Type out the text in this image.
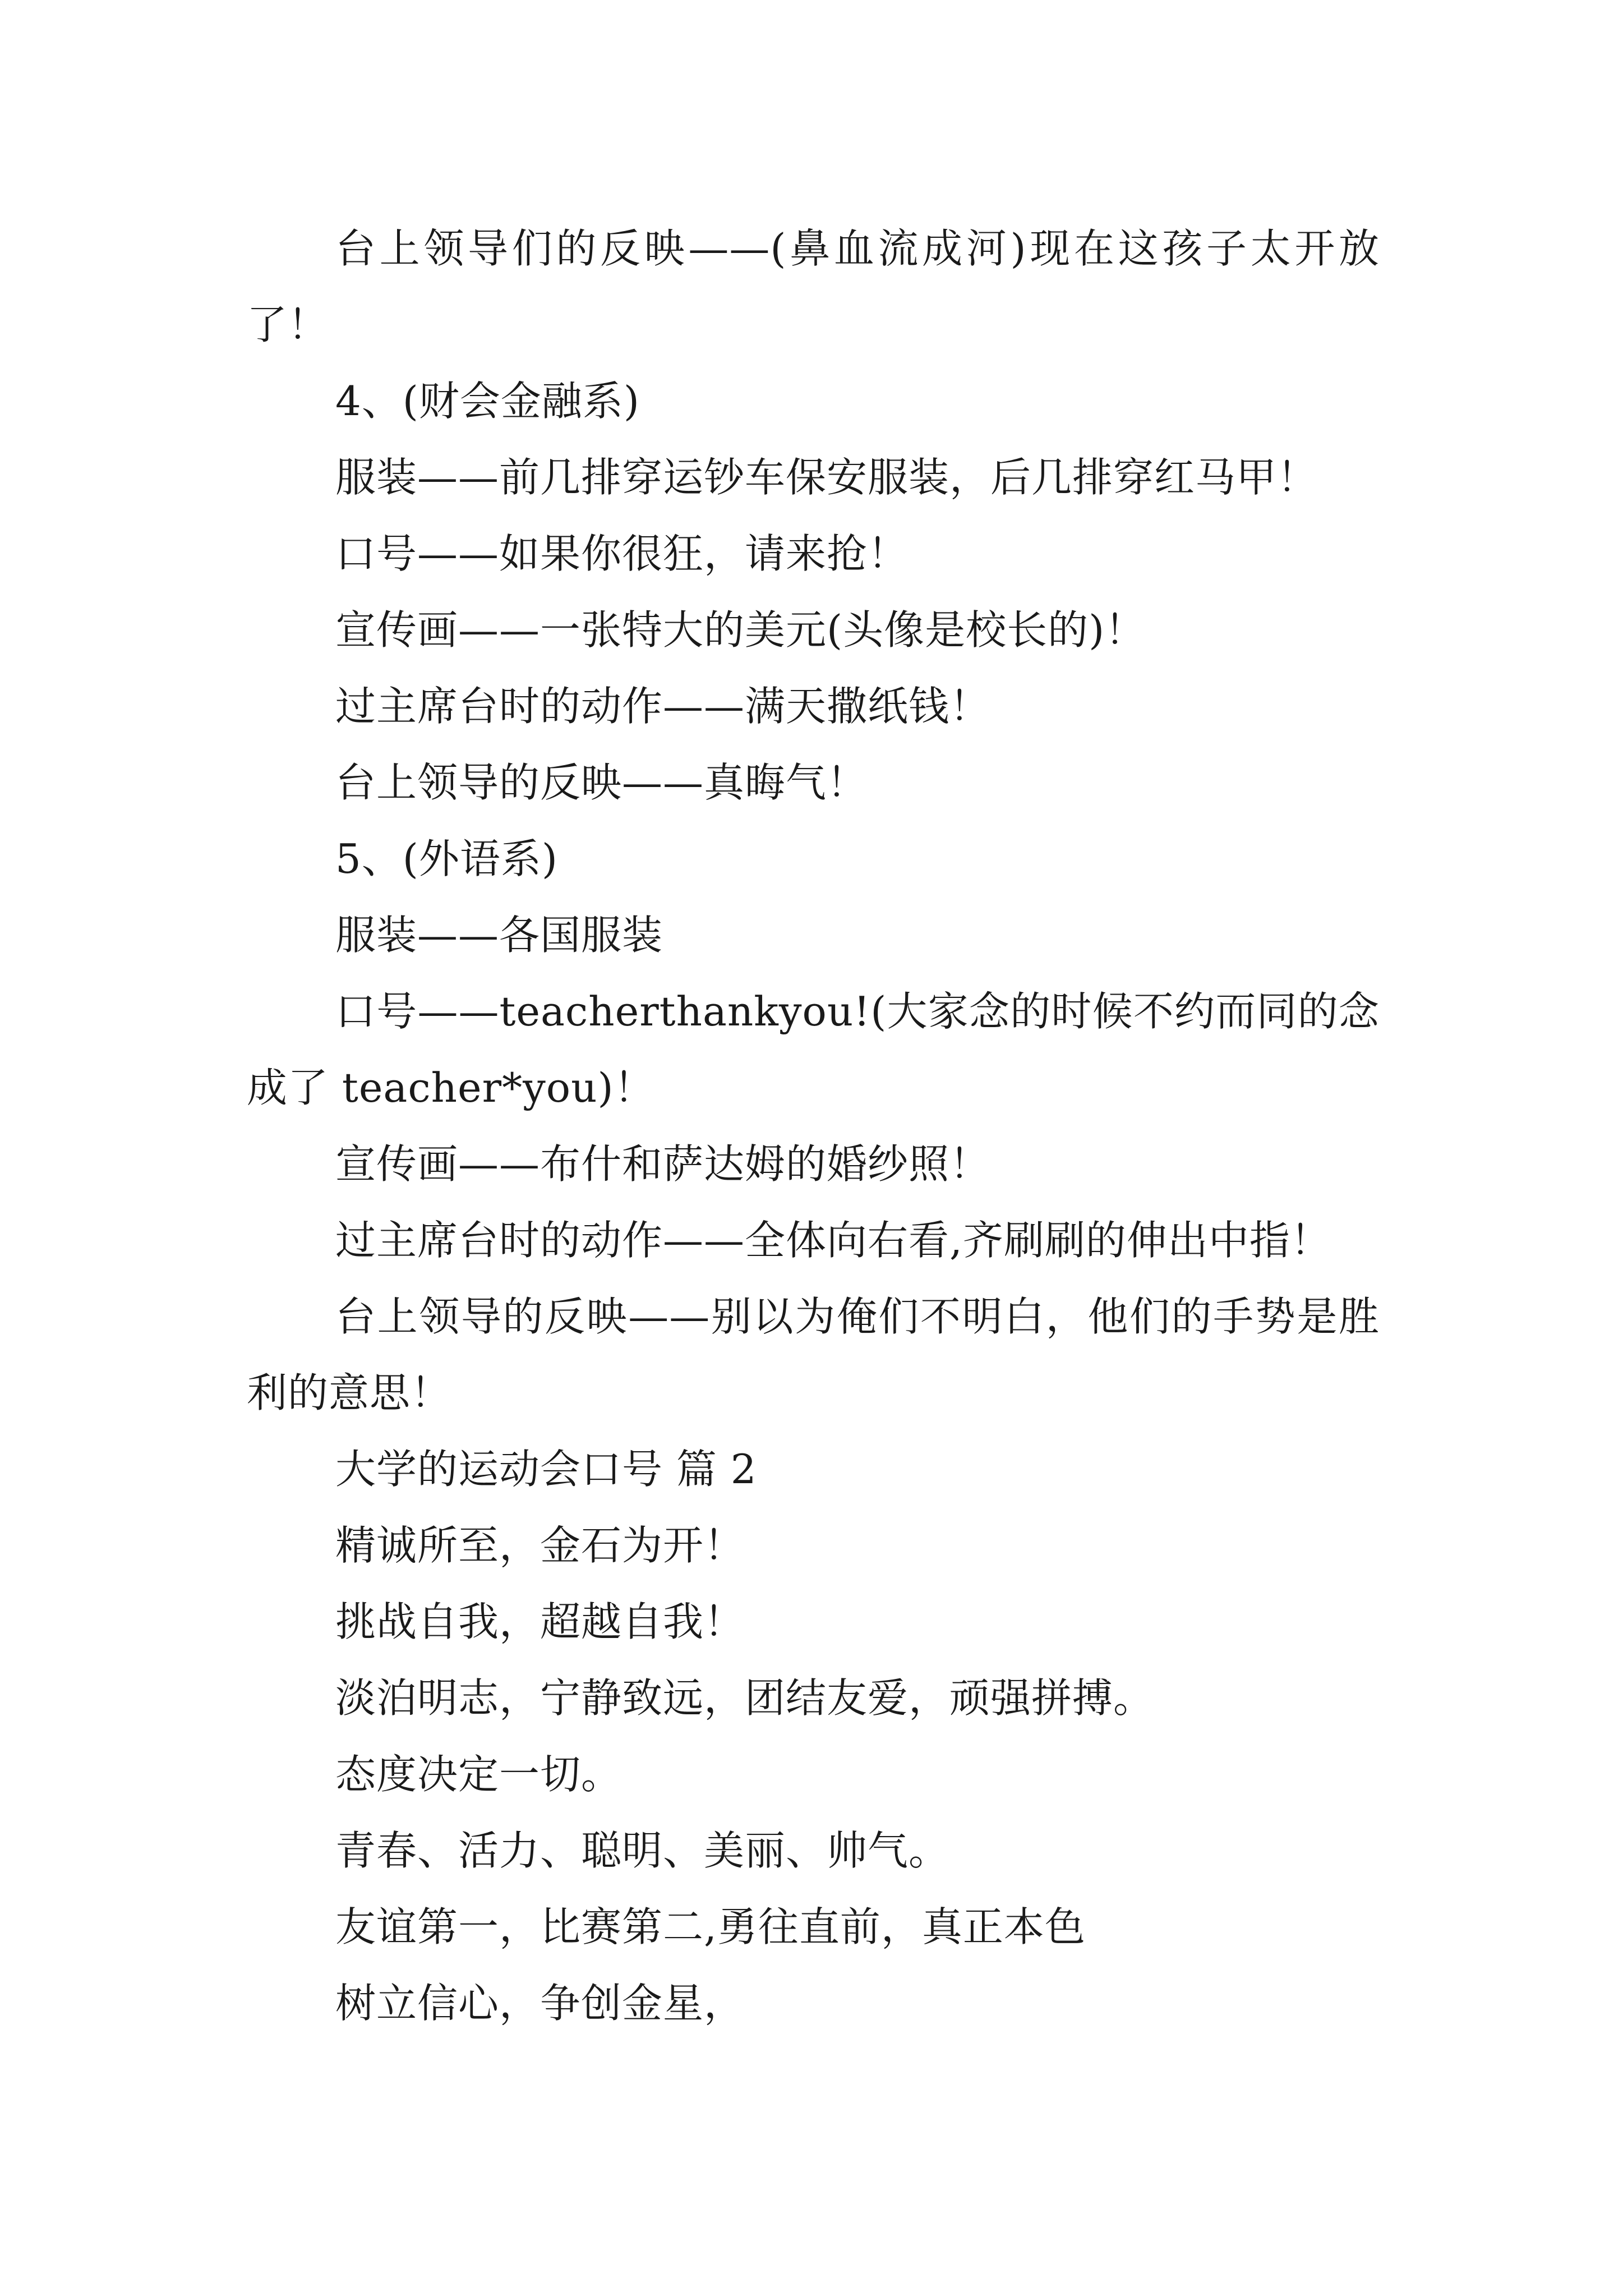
台上领导们的反映——(鼻血流成河)现在这孩子太开放了！

4、(财会金融系)

服装——前几排穿运钞车保安服装，后几排穿红马甲！

口号——如果你很狂，请来抢！

宣传画——一张特大的美元(头像是校长的)！

过主席台时的动作——满天撒纸钱！

台上领导的反映——真晦气！

5、(外语系)

服装——各国服装

口号——teacherthankyou!(大家念的时候不约而同的念成了 teacher*you)！

宣传画——布什和萨达姆的婚纱照！

过主席台时的动作——全体向右看,齐刷刷的伸出中指！

台上领导的反映——别以为俺们不明白，他们的手势是胜利的意思！

大学的运动会口号 篇 2

精诚所至，金石为开！

挑战自我，超越自我！

淡泊明志，宁静致远，团结友爱，顽强拼搏。

态度决定一切。

青春、活力、聪明、美丽、帅气。

友谊第一，比赛第二,勇往直前，真正本色

树立信心，争创金星，
